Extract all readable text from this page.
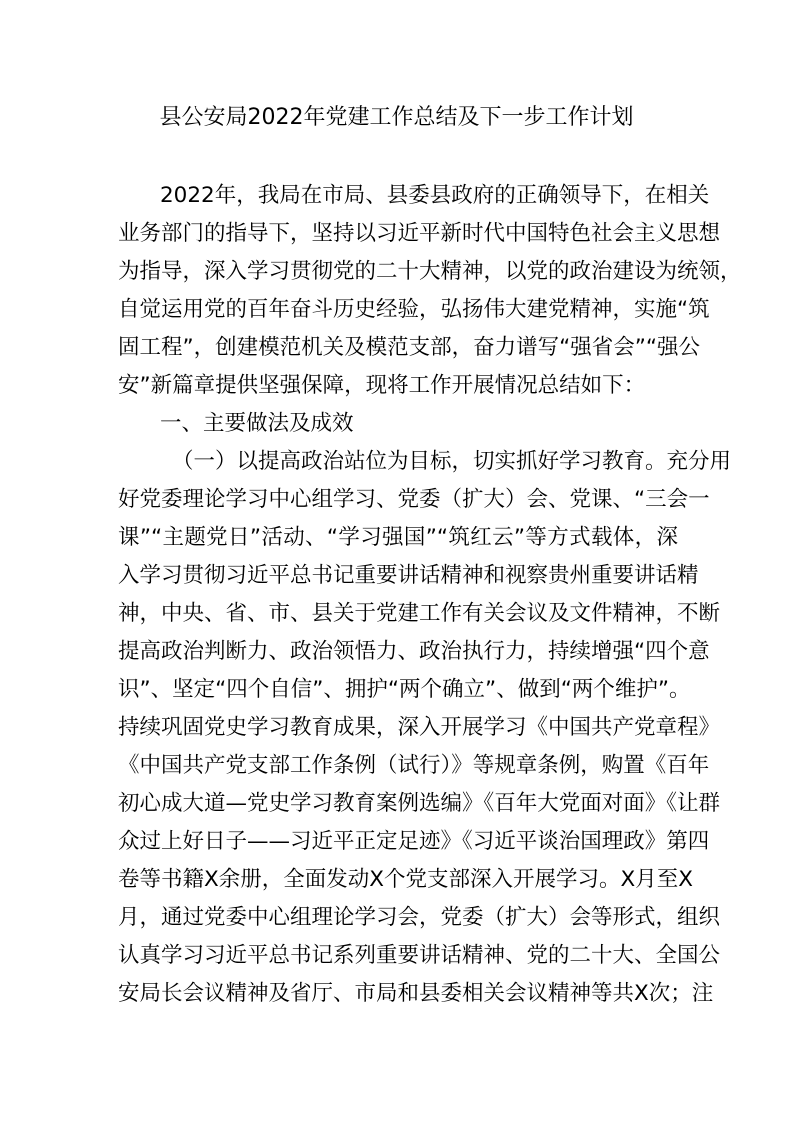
县公安局2022年党建工作总结及下一步工作计划
2022年，我局在市局、县委县政府的正确领导下，在相关
业务部门的指导下，坚持以习近平新时代中国特色社会主义思想
为指导，深入学习贯彻党的二十大精神，以党的政治建设为统领，
自觉运用党的百年奋斗历史经验，弘扬伟大建党精神，实施“筑
固工程”，创建模范机关及模范支部，奋力谱写“强省会”“强公
安”新篇章提供坚强保障，现将工作开展情况总结如下：
一、主要做法及成效
（一）以提高政治站位为目标，切实抓好学习教育。充分用
好党委理论学习中心组学习、党委（扩大）会、党课、“三会一
课”“主题党日”活动、“学习强国”“筑红云”等方式载体，深
入学习贯彻习近平总书记重要讲话精神和视察贵州重要讲话精
神，中央、省、市、县关于党建工作有关会议及文件精神，不断
提高政治判断力、政治领悟力、政治执行力，持续增强“四个意
识”、坚定“四个自信”、拥护“两个确立”、做到“两个维护”。
持续巩固党史学习教育成果，深入开展学习《中国共产党章程》
《中国共产党支部工作条例（试行）》等规章条例，购置《百年
初心成大道—党史学习教育案例选编》《百年大党面对面》《让群
众过上好日子——习近平正定足迹》《习近平谈治国理政》第四
卷等书籍X余册，全面发动X个党支部深入开展学习。X月至X
月，通过党委中心组理论学习会，党委（扩大）会等形式，组织
认真学习习近平总书记系列重要讲话精神、党的二十大、全国公
安局长会议精神及省厅、市局和县委相关会议精神等共X次；注
